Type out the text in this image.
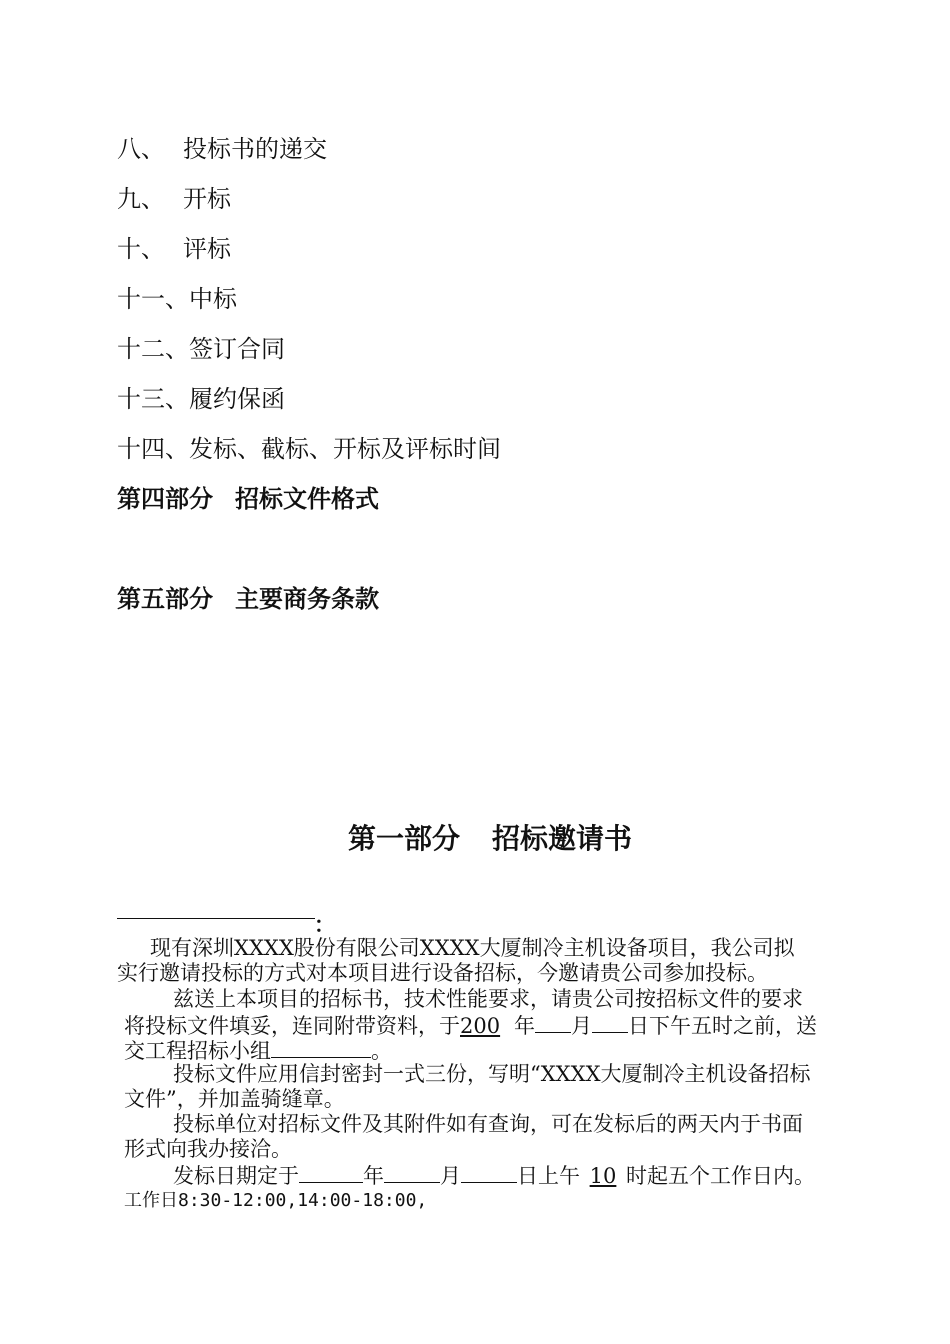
八、 投标书的递交
九、 开标
十、 评标
十一、中标
十二、签订合同
十三、履约保函
十四、发标、截标、开标及评标时间
第四部分 招标文件格式
第五部分 主要商务条款
第一部分 招标邀请书
：
现有深圳XXXX股份有限公司XXXX大厦制冷主机设备项目，我公司拟
实行邀请投标的方式对本项目进行设备招标，今邀请贵公司参加投标。
兹送上本项目的招标书，技术性能要求，请贵公司按招标文件的要求
将投标文件填妥，连同附带资料，于200 年 月 日下午五时之前，送
交工程招标小组	。
投标文件应用信封密封一式三份，写明“XXXX大厦制冷主机设备招标
文件”，并加盖骑缝章。
投标单位对招标文件及其附件如有查询，可在发标后的两天内于书面
形式向我办接洽。
发标日期定于	年	月	日上午 10 时起五个工作日内。
工作日8:30-12:00,14:00-18:00,
